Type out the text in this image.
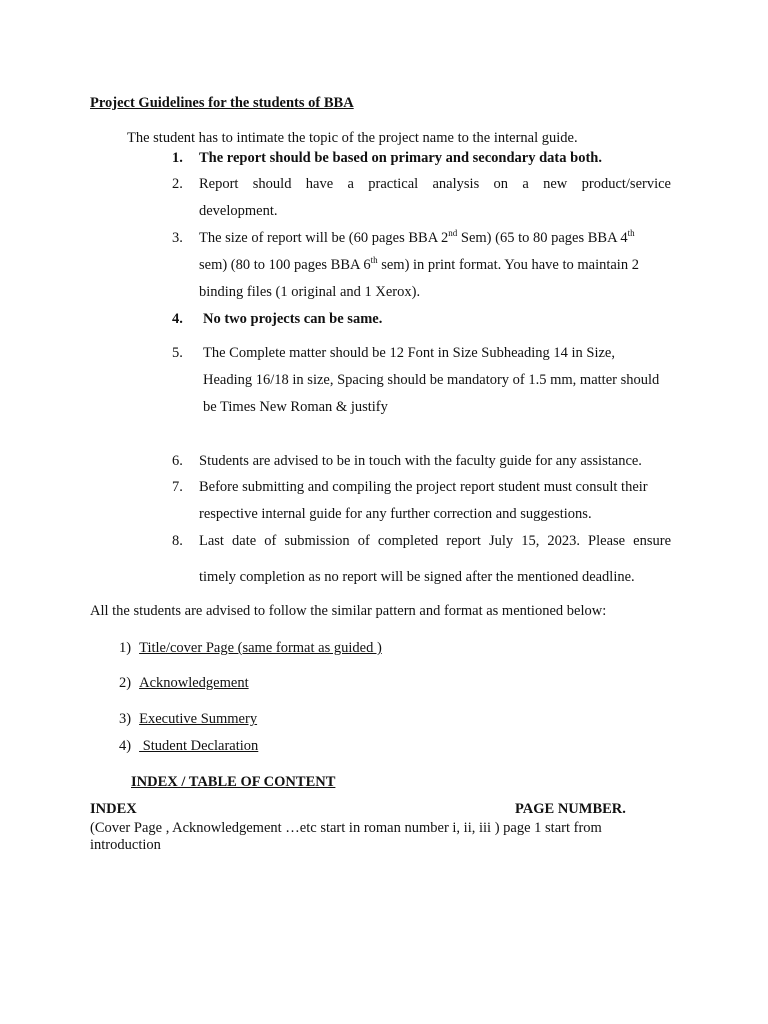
Project Guidelines for the students of BBA
The student has to intimate the topic of the project name to the internal guide.
1. The report should be based on primary and secondary data both.
2. Report should have a practical analysis on a new product/service
development.
3. The size of report will be (60 pages BBA 2nd Sem) (65 to 80 pages BBA 4th
sem) (80 to 100 pages BBA 6th sem) in print format. You have to maintain 2
binding files (1 original and 1 Xerox).
4. No two projects can be same.
5. The Complete matter should be 12 Font in Size Subheading 14 in Size,
Heading 16/18 in size, Spacing should be mandatory of 1.5 mm, matter should
be Times New Roman & justify
6. Students are advised to be in touch with the faculty guide for any assistance.
7. Before submitting and compiling the project report student must consult their
respective internal guide for any further correction and suggestions.
8. Last date of submission of completed report July 15, 2023. Please ensure
timely completion as no report will be signed after the mentioned deadline.
All the students are advised to follow the similar pattern and format as mentioned below:
1) Title/cover Page (same format as guided )
2) Acknowledgement
3) Executive Summery
4) Student Declaration
INDEX / TABLE OF CONTENT
INDEX	PAGE NUMBER.
(Cover Page , Acknowledgement …etc start in roman number i, ii, iii ) page 1 start from
introduction
